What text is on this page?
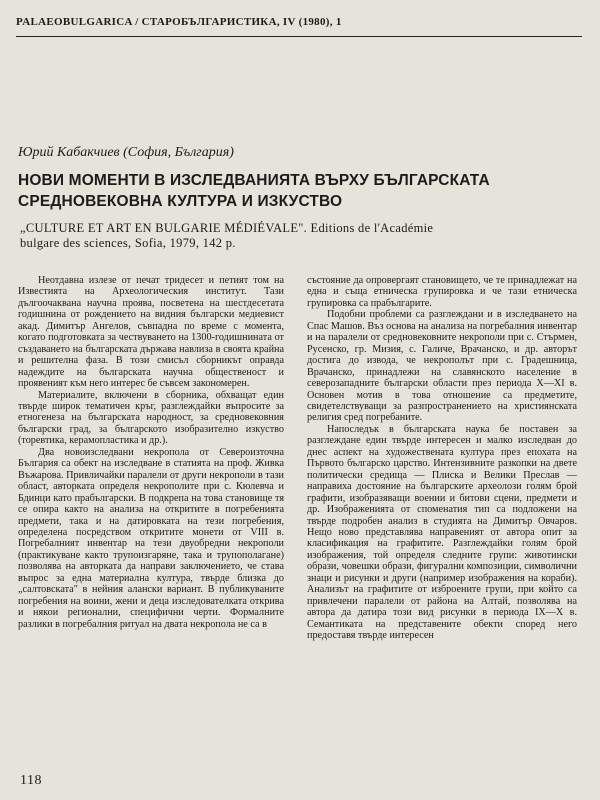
PALAEOBULGARICA / СТАРОБЪЛГАРИСТИКА, IV (1980), 1
Юрий Кабакчиев (София, България)
НОВИ МОМЕНТИ В ИЗСЛЕДВАНИЯТА ВЪРХУ БЪЛГАРСКАТА
СРЕДНОВЕКОВНА КУЛТУРА И ИЗКУСТВО
„CULTURE ET ART EN BULGARIE MÉDIÉVALE". Editions de l'Académie
bulgare des sciences, Sofia, 1979, 142 p.

Неотдавна излезе от печат тридесет и петият том на Известията на Археологическия институт. Тази дългоочаквана научна проява, посветена на шестдесетата годишнина от рождението на видния български медиевист акад. Димитър Ангелов, съвпадна по време с момента, когато подготовката за чествуването на 1300-годишнината от създаването на българската държава навлиза в своята крайна и решителна фаза. В този смисъл сборникът оправда надеждите на българската научна общественост и проявеният към него интерес бе съвсем закономерен.

Материалите, включени в сборника, обхващат един твърде широк тематичен кръг, разглеждайки въпросите за етногенеза на българската народност, за средновековния български град, за българското изобразително изкуство (торевтика, керамопластика и др.).

Два новоизследвани некропола от Североизточна България са обект на изследване в статията на проф. Живка Въжарова. Привличайки паралели от други некрополи в тази област, авторката определя некрополите при с. Кюлевча и Бдинци като прабългарски. В подкрепа на това становище тя се опира както на анализа на откритите в погребенията предмети, така и на датировката на тези погребения, определена посредством откритите монети от VIII в. Погребалният инвентар на тези двуобредни некрополи (практикуване както трупоизгаряне, така и трупополагане) позволява на авторката да направи заключението, че става въпрос за една материална култура, твърде близка до „салтовската" в нейния алански вариант. В публикуваните погребения на воини, жени и деца изследователката открива и някои регионални, специфични черти. Формалните разлики в погребалния ритуал на двата некропола не са в

състояние да опровергаят становището, че те принадлежат на една и съща етническа групировка и че тази етническа групировка са прабългарите.

Подобни проблеми са разглеждани и в изследването на Спас Машов. Въз основа на анализа на погребалния инвентар и на паралели от средновековните некрополи при с. Стърмен, Русенско, гр. Мизия, с. Галиче, Врачанско, и др. авторът достига до извода, че некрополът при с. Градешница, Врачанско, принадлежи на славянското население в северозападните български области през периода X—XI в. Основен мотив в това отношение са предметите, свидетелствуващи за разпространението на християнската религия сред погребаните.

Напоследък в българската наука бе поставен за разглеждане един твърде интересен и малко изследван до днес аспект на художествената култура през епохата на Първото българско царство. Интензивните разкопки на двете политически средища — Плиска и Велики Преслав — направиха достояние на българските археолози голям брой графити, изобразяващи воении и битови сцени, предмети и др. Изображенията от споменатия тип са подложени на твърде подробен анализ в студията на Димитър Овчаров. Нещо ново представлява направеният от автора опит за класификация на графитите. Разглеждайки голям брой изображения, той определя следните групи: животински образи, човешки образи, фигурални композиции, символични знаци и рисунки и други (например изображения на кораби). Анализът на графитите от изброените групи, при който са привлечени паралели от района на Алтай, позволява на автора да датира този вид рисунки в периода IX—X в. Семантиката на представените обекти според него предоставя твърде интересен

118
